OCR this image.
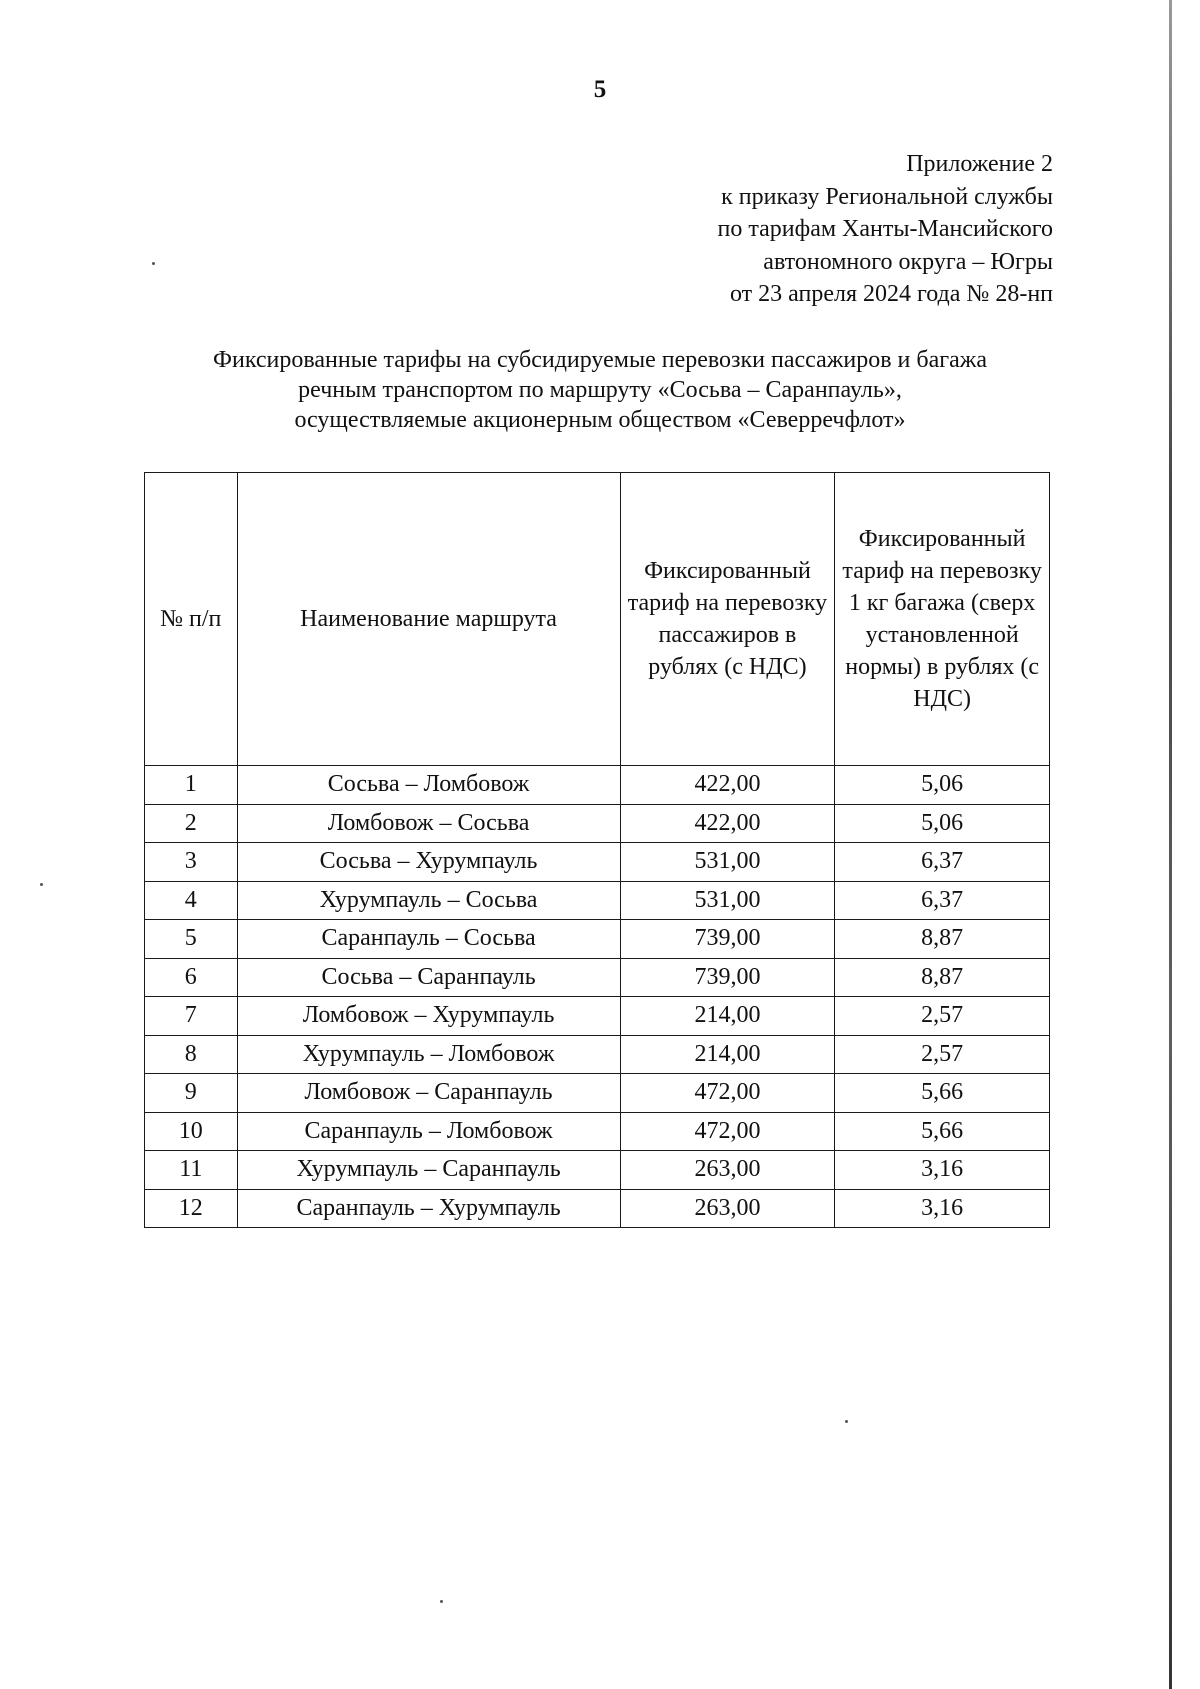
5
Приложение 2
к приказу Региональной службы
по тарифам Ханты-Мансийского
автономного округа – Югры
от 23 апреля 2024 года № 28-нп
Фиксированные тарифы на субсидируемые перевозки пассажиров и багажа
речным транспортом по маршруту «Сосьва – Саранпауль»,
осуществляемые акционерным обществом «Северречфлот»
№ п/п	Наименование маршрута	Фиксированный тариф на перевозку пассажиров в рублях (с НДС)	Фиксированный тариф на перевозку 1 кг багажа (сверх установленной нормы) в рублях (с НДС)
1	Сосьва – Ломбовож	422,00	5,06
2	Ломбовож – Сосьва	422,00	5,06
3	Сосьва – Хурумпауль	531,00	6,37
4	Хурумпауль – Сосьва	531,00	6,37
5	Саранпауль – Сосьва	739,00	8,87
6	Сосьва – Саранпауль	739,00	8,87
7	Ломбовож – Хурумпауль	214,00	2,57
8	Хурумпауль – Ломбовож	214,00	2,57
9	Ломбовож – Саранпауль	472,00	5,66
10	Саранпауль – Ломбовож	472,00	5,66
11	Хурумпауль – Саранпауль	263,00	3,16
12	Саранпауль – Хурумпауль	263,00	3,16
